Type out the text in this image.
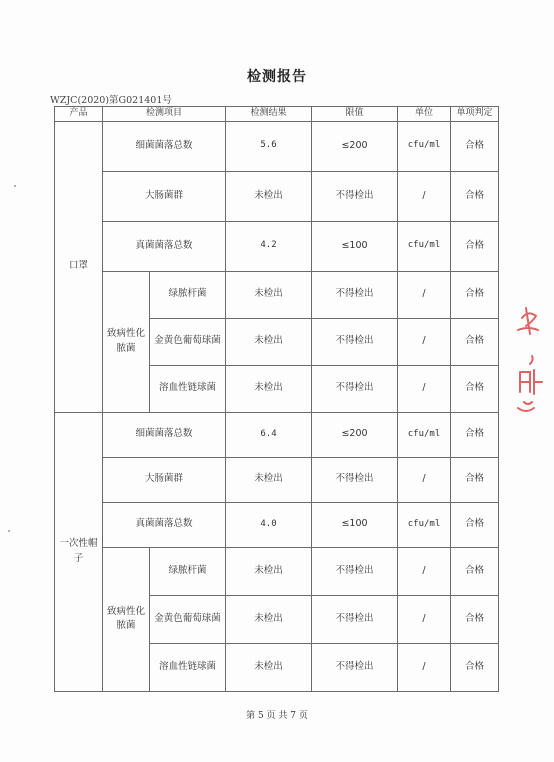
检测报告
WZJC(2020)第G021401号
产品	检测项目		检测结果	限值	单位	单项判定
口罩	细菌菌落总数		5.6	≤200	cfu/ml	合格
	大肠菌群		未检出	不得检出	/	合格
	真菌菌落总数		4.2	≤100	cfu/ml	合格
	致病性化脓菌	绿脓杆菌	未检出	不得检出	/	合格
		金黄色葡萄球菌	未检出	不得检出	/	合格
		溶血性链球菌	未检出	不得检出	/	合格
一次性帽子	细菌菌落总数		6.4	≤200	cfu/ml	合格
	大肠菌群		未检出	不得检出	/	合格
	真菌菌落总数		4.0	≤100	cfu/ml	合格
	致病性化脓菌	绿脓杆菌	未检出	不得检出	/	合格
		金黄色葡萄球菌	未检出	不得检出	/	合格
		溶血性链球菌	未检出	不得检出	/	合格
第 5 页 共 7 页
